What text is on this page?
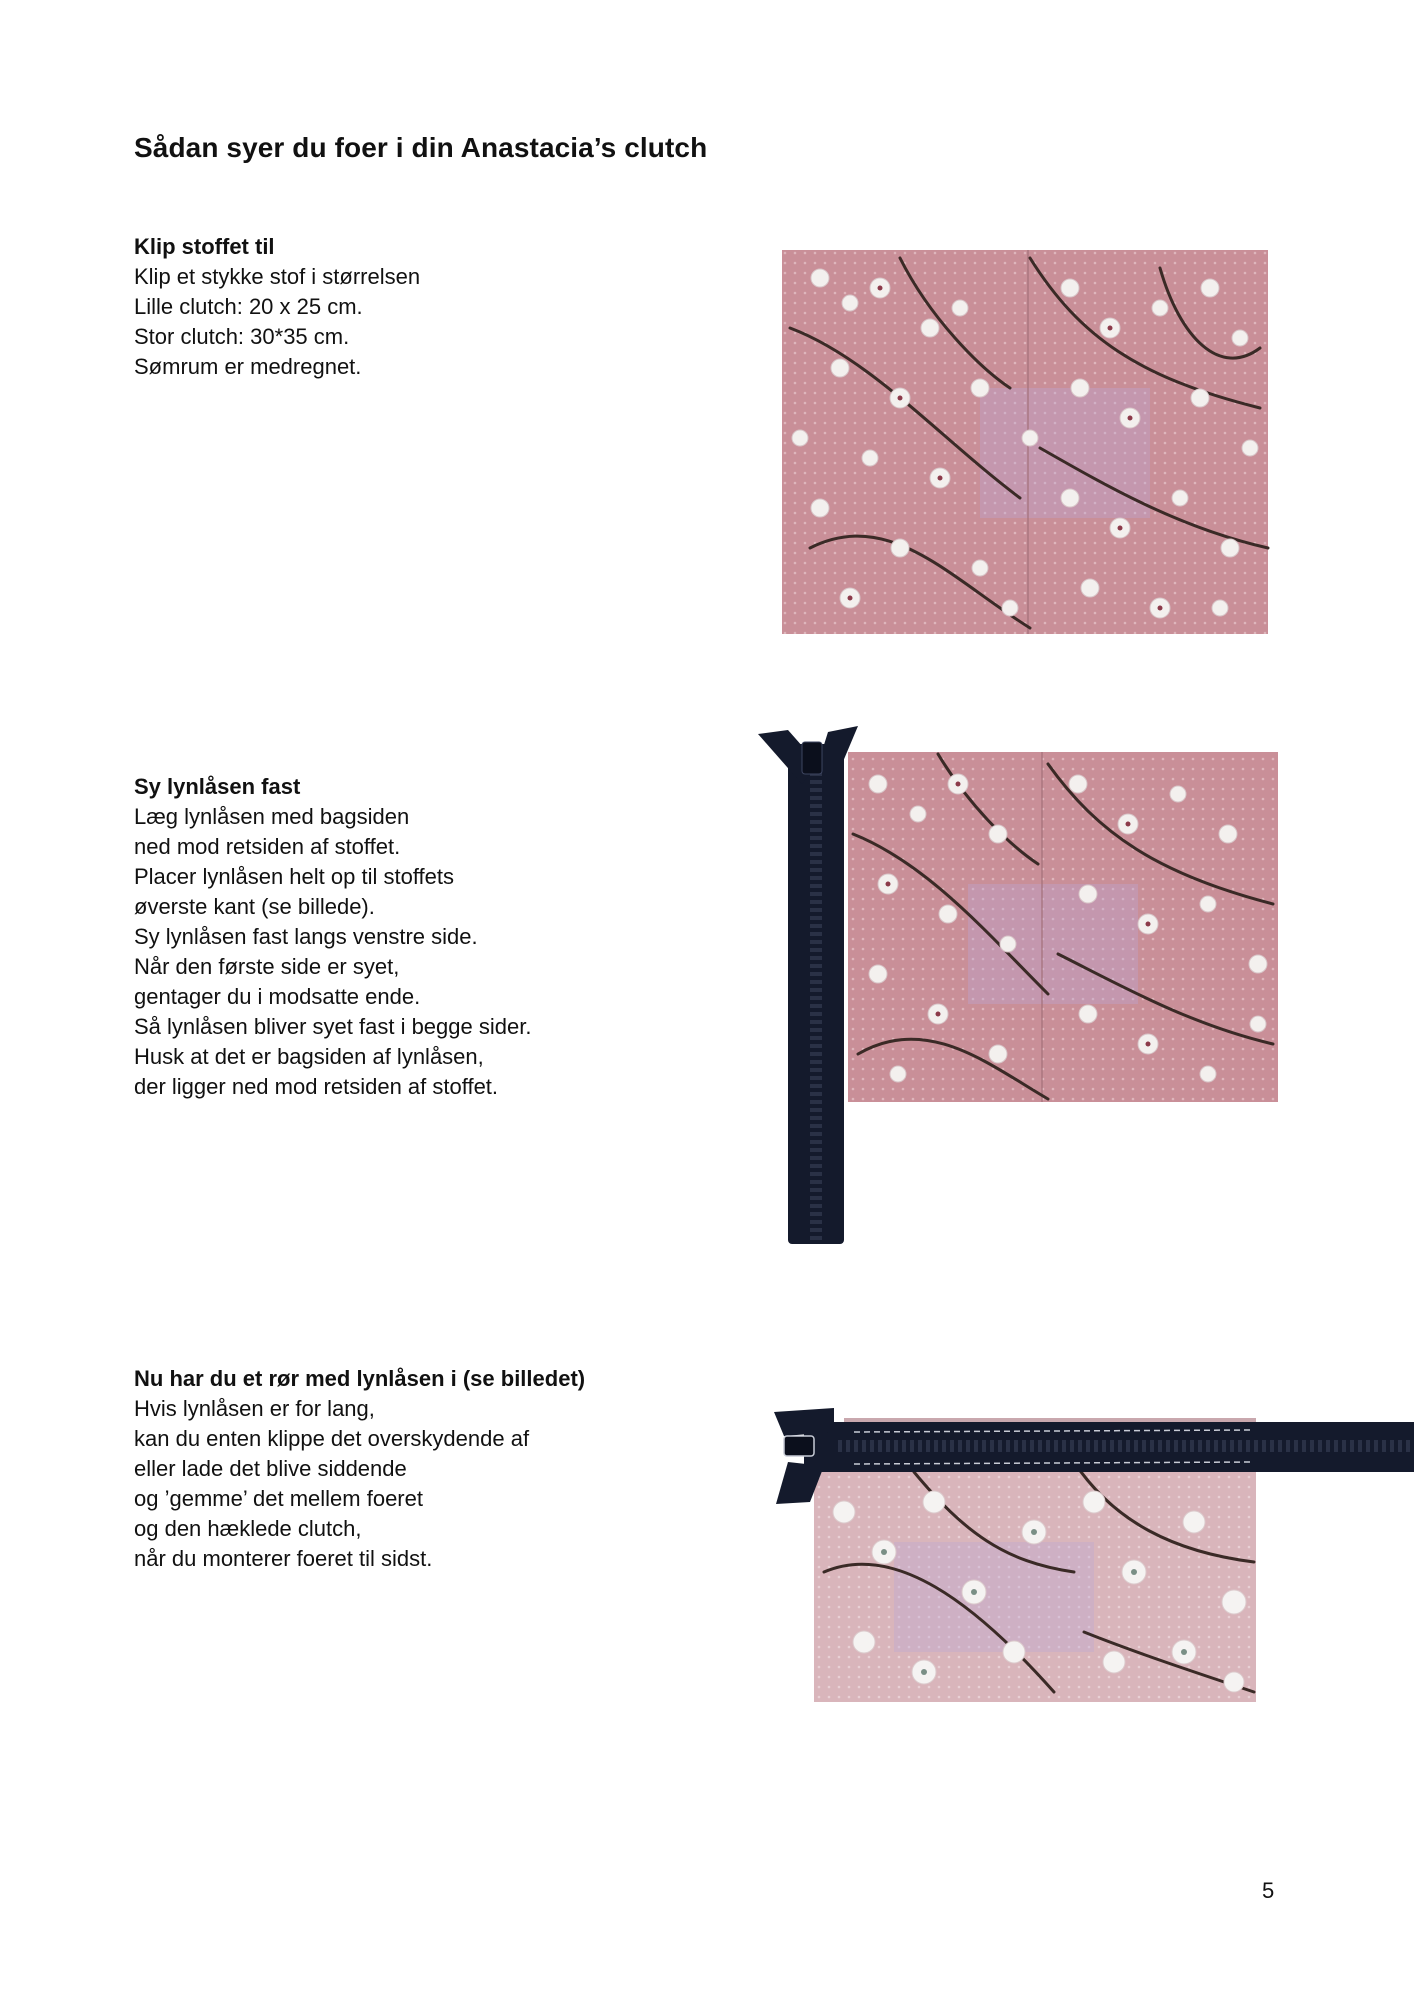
Sådan syer du foer i din Anastacia’s clutch
Klip stoffet til
Klip et stykke stof i størrelsen
Lille clutch: 20 x 25 cm.
Stor clutch: 30*35 cm.
Sømrum er medregnet.
Sy lynlåsen fast
Læg lynlåsen med bagsiden
ned mod retsiden af stoffet.
Placer lynlåsen helt op til stoffets
øverste kant (se billede).
Sy lynlåsen fast langs venstre side.
Når den første side er syet,
gentager du i modsatte ende.
Så lynlåsen bliver syet fast i begge sider.
Husk at det er bagsiden af lynlåsen,
der ligger ned mod retsiden af stoffet.
Nu har du et rør med lynlåsen i (se billedet)
Hvis lynlåsen er for lang,
kan du enten klippe det overskydende af
eller lade det blive siddende
og ’gemme’ det mellem foeret
og den hæklede clutch,
når du monterer foeret til sidst.
5
